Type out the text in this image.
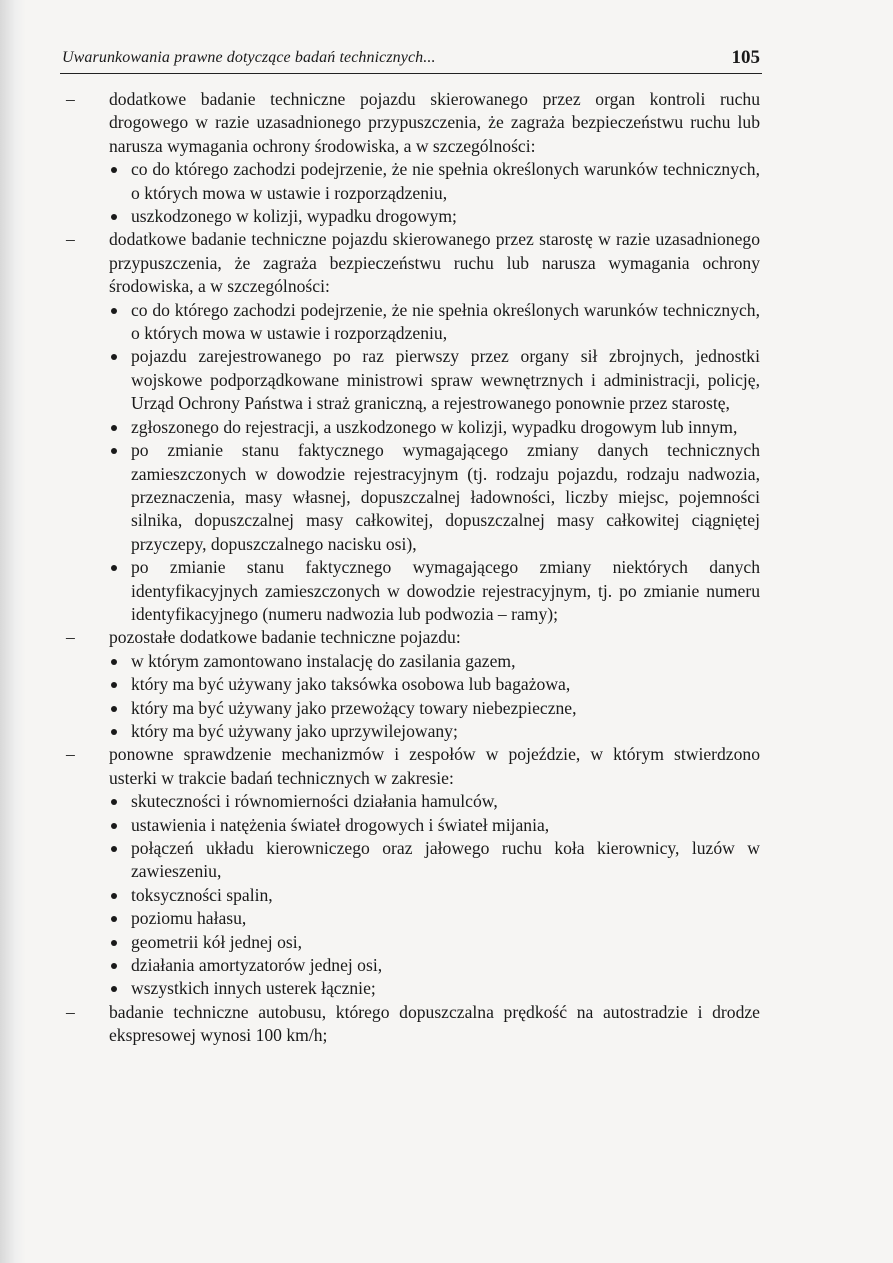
Uwarunkowania prawne dotyczące badań technicznych...	105
– dodatkowe badanie techniczne pojazdu skierowanego przez organ kontroli ruchu drogowego w razie uzasadnionego przypuszczenia, że zagraża bezpieczeństwu ruchu lub narusza wymagania ochrony środowiska, a w szczególności:
co do którego zachodzi podejrzenie, że nie spełnia określonych warunków technicznych, o których mowa w ustawie i rozporządzeniu,
uszkodzonego w kolizji, wypadku drogowym;
– dodatkowe badanie techniczne pojazdu skierowanego przez starostę w razie uzasadnionego przypuszczenia, że zagraża bezpieczeństwu ruchu lub narusza wymagania ochrony środowiska, a w szczególności:
co do którego zachodzi podejrzenie, że nie spełnia określonych warunków technicznych, o których mowa w ustawie i rozporządzeniu,
pojazdu zarejestrowanego po raz pierwszy przez organy sił zbrojnych, jednostki wojskowe podporządkowane ministrowi spraw wewnętrznych i administracji, policję, Urząd Ochrony Państwa i straż graniczną, a rejestrowanego ponownie przez starostę,
zgłoszonego do rejestracji, a uszkodzonego w kolizji, wypadku drogowym lub innym,
po zmianie stanu faktycznego wymagającego zmiany danych technicznych zamieszczonych w dowodzie rejestracyjnym (tj. rodzaju pojazdu, rodzaju nadwozia, przeznaczenia, masy własnej, dopuszczalnej ładowności, liczby miejsc, pojemności silnika, dopuszczalnej masy całkowitej, dopuszczalnej masy całkowitej ciągniętej przyczepy, dopuszczalnego nacisku osi),
po zmianie stanu faktycznego wymagającego zmiany niektórych danych identyfikacyjnych zamieszczonych w dowodzie rejestracyjnym, tj. po zmianie numeru identyfikacyjnego (numeru nadwozia lub podwozia – ramy);
– pozostałe dodatkowe badanie techniczne pojazdu:
w którym zamontowano instalację do zasilania gazem,
który ma być używany jako taksówka osobowa lub bagażowa,
który ma być używany jako przewożący towary niebezpieczne,
który ma być używany jako uprzywilejowany;
– ponowne sprawdzenie mechanizmów i zespołów w pojeździe, w którym stwierdzono usterki w trakcie badań technicznych w zakresie:
skuteczności i równomierności działania hamulców,
ustawienia i natężenia świateł drogowych i świateł mijania,
połączeń układu kierowniczego oraz jałowego ruchu koła kierownicy, luzów w zawieszeniu,
toksyczności spalin,
poziomu hałasu,
geometrii kół jednej osi,
działania amortyzatorów jednej osi,
wszystkich innych usterek łącznie;
– badanie techniczne autobusu, którego dopuszczalna prędkość na autostradzie i drodze ekspresowej wynosi 100 km/h;
